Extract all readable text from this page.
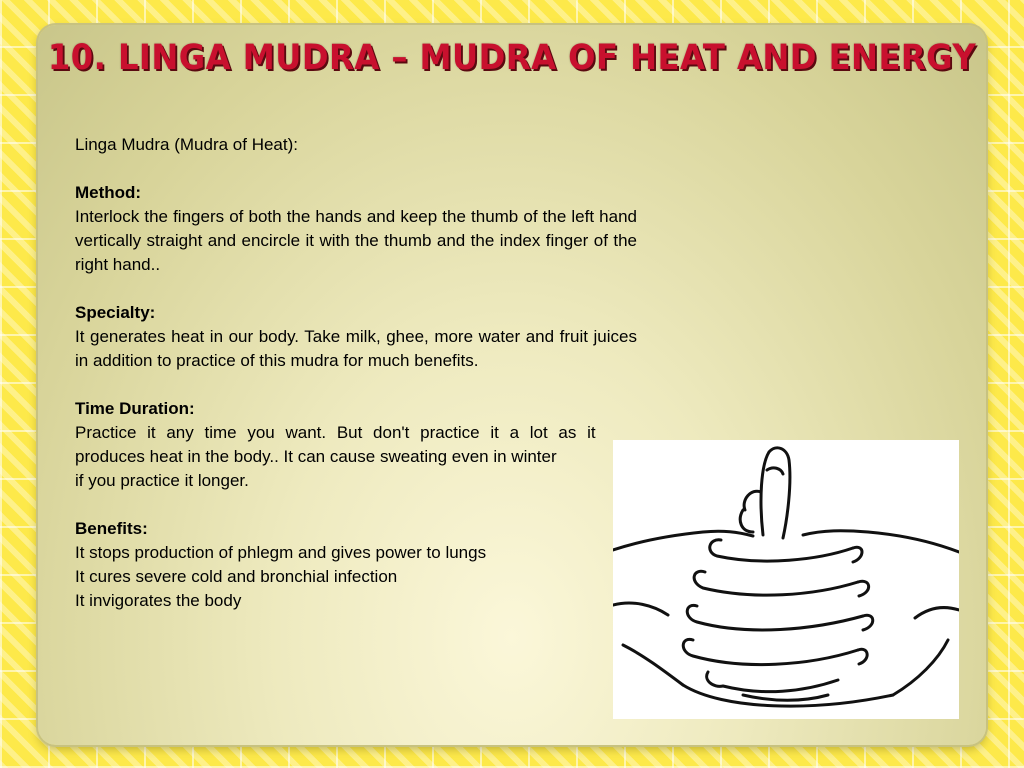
10. LINGA MUDRA – MUDRA OF HEAT AND ENERGY

Linga Mudra (Mudra of Heat):

Method:

Interlock the fingers of both the hands and keep the thumb of the left hand vertically straight and encircle it with the thumb and the index finger of the right hand..

Specialty:

It generates heat in our body. Take milk, ghee, more water and fruit juices in addition to practice of this mudra for much benefits.

Time Duration:

Practice it any time you want. But don't practice it a lot as it

produces heat in the body.. It can cause sweating even in winter

if you practice it longer.

Benefits:

It stops production of phlegm and gives power to lungs

It cures severe cold and bronchial infection

It invigorates the body
